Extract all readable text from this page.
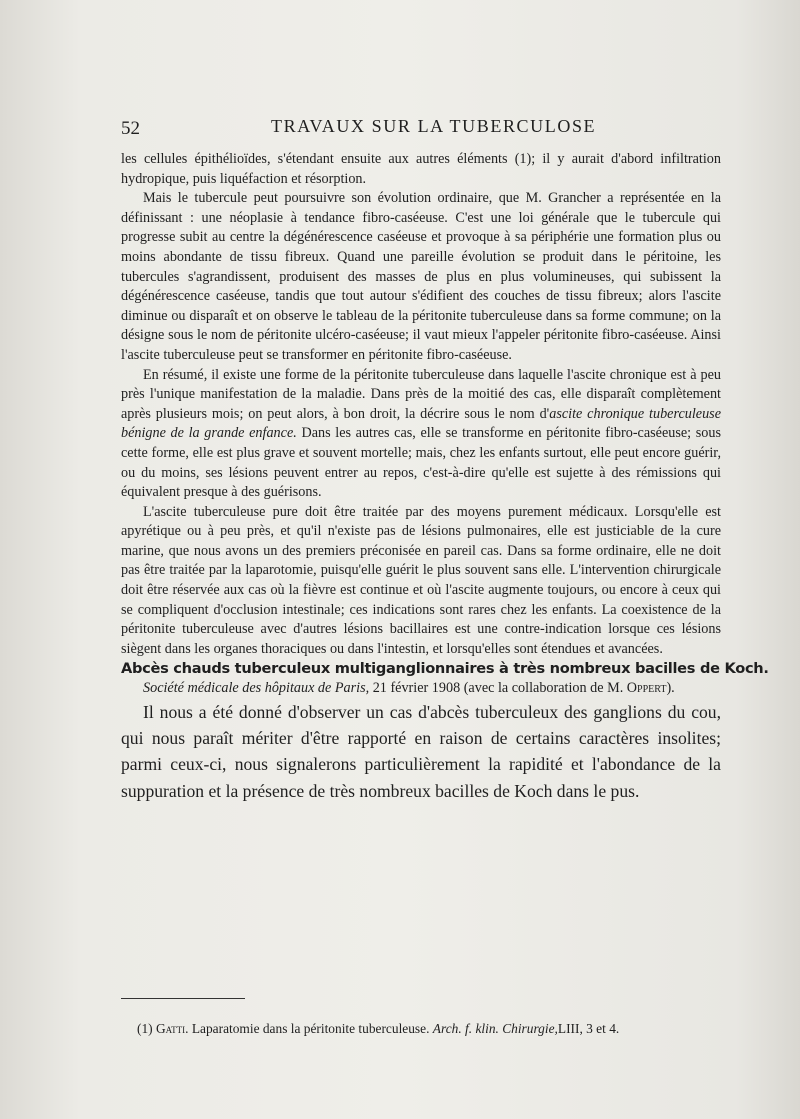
52	TRAVAUX SUR LA TUBERCULOSE

les cellules épithélioïdes, s'étendant ensuite aux autres éléments (1); il y aurait d'abord infiltration hydropique, puis liquéfaction et résorption.

Mais le tubercule peut poursuivre son évolution ordinaire, que M. Grancher a représentée en la définissant : une néoplasie à tendance fibro-caséeuse. C'est une loi générale que le tubercule qui progresse subit au centre la dégénérescence caséeuse et provoque à sa périphérie une formation plus ou moins abondante de tissu fibreux. Quand une pareille évolution se produit dans le péritoine, les tubercules s'agrandissent, produisent des masses de plus en plus volumineuses, qui subissent la dégénérescence caséeuse, tandis que tout autour s'édifient des couches de tissu fibreux; alors l'ascite diminue ou disparaît et on observe le tableau de la péritonite tuberculeuse dans sa forme commune; on la désigne sous le nom de péritonite ulcéro-caséeuse; il vaut mieux l'appeler péritonite fibro-caséeuse. Ainsi l'ascite tuberculeuse peut se transformer en péritonite fibro-caséeuse.

En résumé, il existe une forme de la péritonite tuberculeuse dans laquelle l'ascite chronique est à peu près l'unique manifestation de la maladie. Dans près de la moitié des cas, elle disparaît complètement après plusieurs mois; on peut alors, à bon droit, la décrire sous le nom d'ascite chronique tuberculeuse bénigne de la grande enfance. Dans les autres cas, elle se transforme en péritonite fibro-caséeuse; sous cette forme, elle est plus grave et souvent mortelle; mais, chez les enfants surtout, elle peut encore guérir, ou du moins, ses lésions peuvent entrer au repos, c'est-à-dire qu'elle est sujette à des rémissions qui équivalent presque à des guérisons.

L'ascite tuberculeuse pure doit être traitée par des moyens purement médicaux. Lorsqu'elle est apyrétique ou à peu près, et qu'il n'existe pas de lésions pulmonaires, elle est justiciable de la cure marine, que nous avons un des premiers préconisée en pareil cas. Dans sa forme ordinaire, elle ne doit pas être traitée par la laparotomie, puisqu'elle guérit le plus souvent sans elle. L'intervention chirurgicale doit être réservée aux cas où la fièvre est continue et où l'ascite augmente toujours, ou encore à ceux qui se compliquent d'occlusion intestinale; ces indications sont rares chez les enfants. La coexistence de la péritonite tuberculeuse avec d'autres lésions bacillaires est une contre-indication lorsque ces lésions siègent dans les organes thoraciques ou dans l'intestin, et lorsqu'elles sont étendues et avancées.

Abcès chauds tuberculeux multiganglionnaires à très nombreux bacilles de Koch.

Société médicale des hôpitaux de Paris, 21 février 1908 (avec la collaboration de M. Oppert).

Il nous a été donné d'observer un cas d'abcès tuberculeux des ganglions du cou, qui nous paraît mériter d'être rapporté en raison de certains caractères insolites; parmi ceux-ci, nous signalerons particulièrement la rapidité et l'abondance de la suppuration et la présence de très nombreux bacilles de Koch dans le pus.

(1) Gatti. Laparatomie dans la péritonite tuberculeuse. Arch. f. klin. Chirurgie,LIII, 3 et 4.
